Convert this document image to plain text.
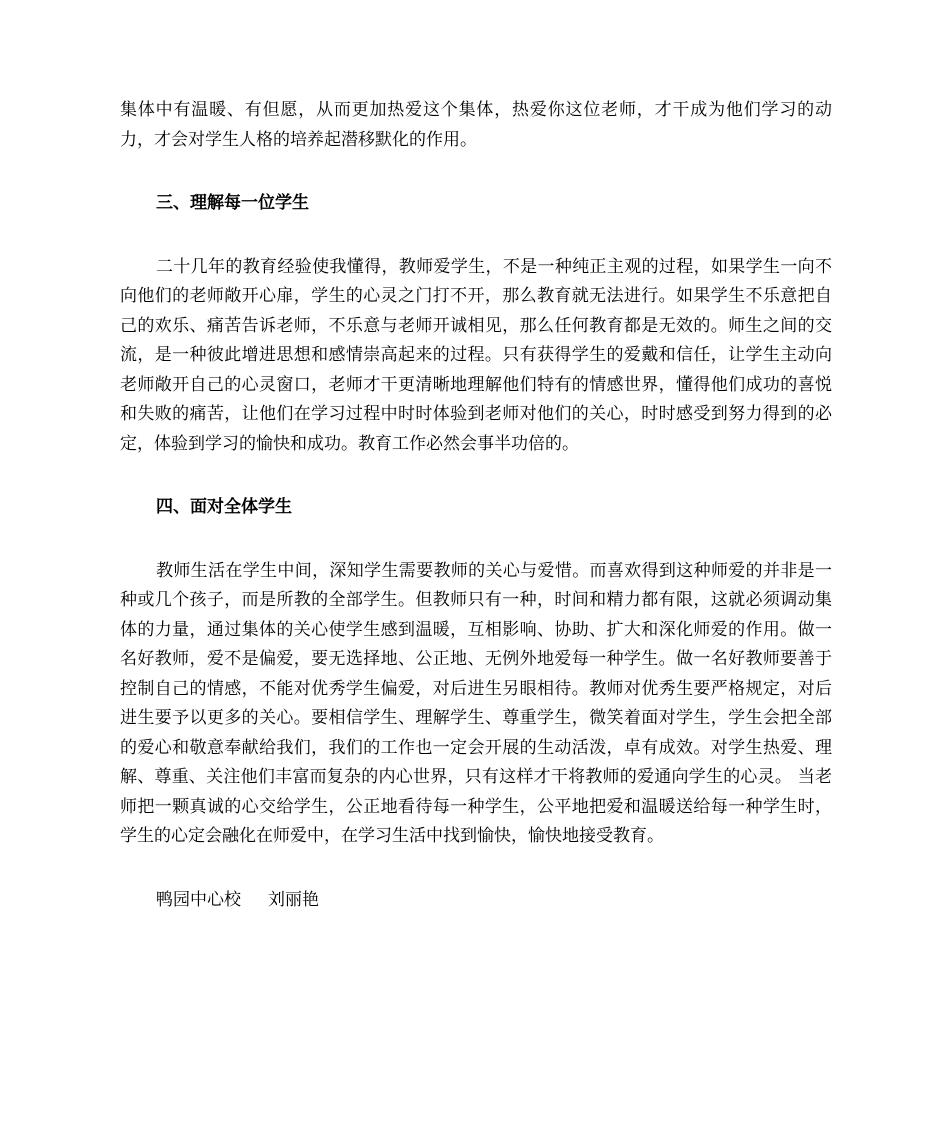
集体中有温暖、有但愿，从而更加热爱这个集体，热爱你这位老师，才干成为他们学习的动力，才会对学生人格的培养起潜移默化的作用。

三、理解每一位学生

二十几年的教育经验使我懂得，教师爱学生，不是一种纯正主观的过程，如果学生一向不向他们的老师敞开心扉，学生的心灵之门打不开，那么教育就无法进行。如果学生不乐意把自己的欢乐、痛苦告诉老师，不乐意与老师开诚相见，那么任何教育都是无效的。师生之间的交流，是一种彼此增进思想和感情崇高起来的过程。只有获得学生的爱戴和信任，让学生主动向老师敞开自己的心灵窗口，老师才干更清晰地理解他们特有的情感世界，懂得他们成功的喜悦和失败的痛苦，让他们在学习过程中时时体验到老师对他们的关心，时时感受到努力得到的必定，体验到学习的愉快和成功。教育工作必然会事半功倍的。

四、面对全体学生

教师生活在学生中间，深知学生需要教师的关心与爱惜。而喜欢得到这种师爱的并非是一种或几个孩子，而是所教的全部学生。但教师只有一种，时间和精力都有限，这就必须调动集体的力量，通过集体的关心使学生感到温暖，互相影响、协助、扩大和深化师爱的作用。做一名好教师，爱不是偏爱，要无选择地、公正地、无例外地爱每一种学生。做一名好教师要善于控制自己的情感，不能对优秀学生偏爱，对后进生另眼相待。教师对优秀生要严格规定，对后进生要予以更多的关心。要相信学生、理解学生、尊重学生，微笑着面对学生，学生会把全部的爱心和敬意奉献给我们，我们的工作也一定会开展的生动活泼，卓有成效。对学生热爱、理解、尊重、关注他们丰富而复杂的内心世界，只有这样才干将教师的爱通向学生的心灵。 当老师把一颗真诚的心交给学生，公正地看待每一种学生，公平地把爱和温暖送给每一种学生时，学生的心定会融化在师爱中，在学习生活中找到愉快，愉快地接受教育。

鸭园中心校 刘丽艳
